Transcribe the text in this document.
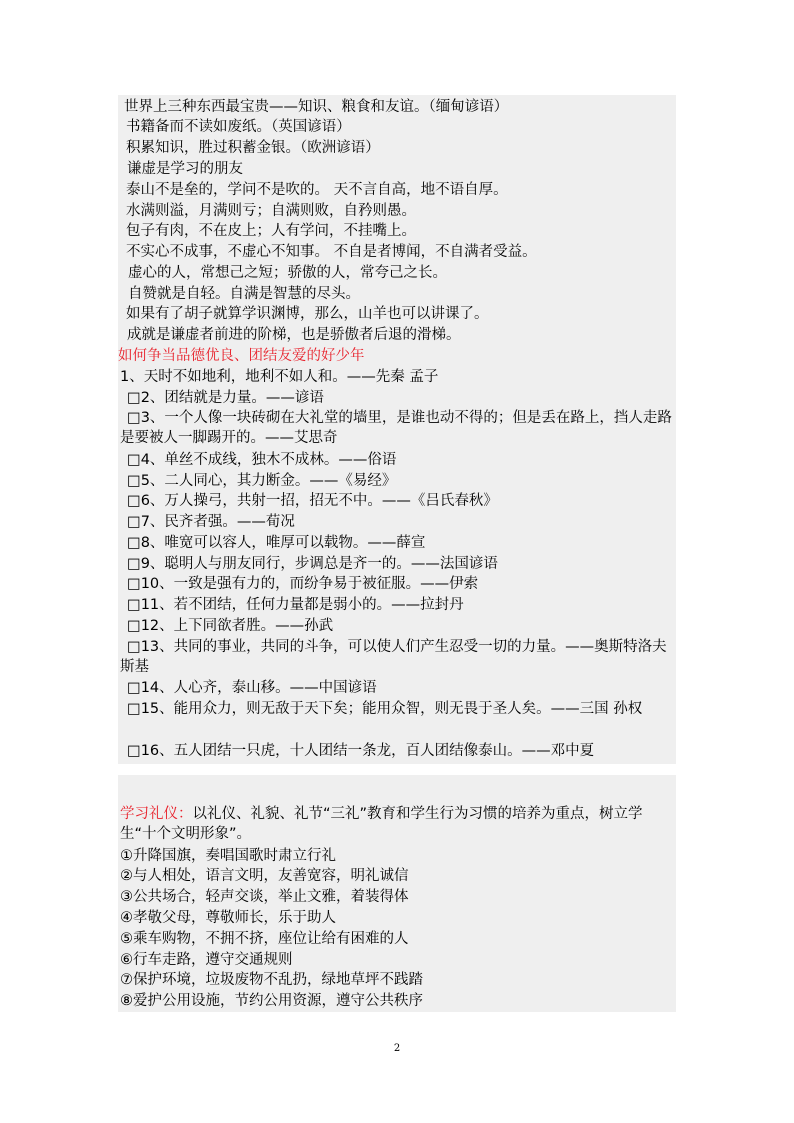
世界上三种东西最宝贵——知识、粮食和友谊。（缅甸谚语）
书籍备而不读如废纸。（英国谚语）
积累知识，胜过积蓄金银。（欧洲谚语）
谦虚是学习的朋友
泰山不是垒的，学问不是吹的。 天不言自高，地不语自厚。
水满则溢，月满则亏；自满则败，自矜则愚。
包子有肉，不在皮上；人有学问，不挂嘴上。
不实心不成事，不虚心不知事。 不自是者博闻，不自满者受益。
虚心的人，常想己之短；骄傲的人，常夸己之长。
自赞就是自轻。自满是智慧的尽头。
如果有了胡子就算学识渊博，那么，山羊也可以讲课了。
成就是谦虚者前进的阶梯，也是骄傲者后退的滑梯。
如何争当品德优良、团结友爱的好少年
1、天时不如地利，地利不如人和。——先秦 孟子
□2、团结就是力量。——谚语
□3、一个人像一块砖砌在大礼堂的墙里，是谁也动不得的；但是丢在路上，挡人走路是要被人一脚踢开的。——艾思奇
□4、单丝不成线，独木不成林。——俗语
□5、二人同心，其力断金。——《易经》
□6、万人操弓，共射一招，招无不中。——《吕氏春秋》
□7、民齐者强。——荀况
□8、唯宽可以容人，唯厚可以载物。——薛宣
□9、聪明人与朋友同行，步调总是齐一的。——法国谚语
□10、一致是强有力的，而纷争易于被征服。——伊索
□11、若不团结，任何力量都是弱小的。——拉封丹
□12、上下同欲者胜。——孙武
□13、共同的事业，共同的斗争，可以使人们产生忍受一切的力量。——奥斯特洛夫斯基
□14、人心齐，泰山移。——中国谚语
□15、能用众力，则无敌于天下矣；能用众智，则无畏于圣人矣。——三国 孙权
□16、五人团结一只虎，十人团结一条龙，百人团结像泰山。——邓中夏
学习礼仪：以礼仪、礼貌、礼节“三礼”教育和学生行为习惯的培养为重点，树立学生“十个文明形象”。
①升降国旗，奏唱国歌时肃立行礼
②与人相处，语言文明，友善宽容，明礼诚信
③公共场合，轻声交谈，举止文雅，着装得体
④孝敬父母，尊敬师长，乐于助人
⑤乘车购物，不拥不挤，座位让给有困难的人
⑥行车走路，遵守交通规则
⑦保护环境，垃圾废物不乱扔，绿地草坪不践踏
⑧爱护公用设施，节约公用资源，遵守公共秩序
2
